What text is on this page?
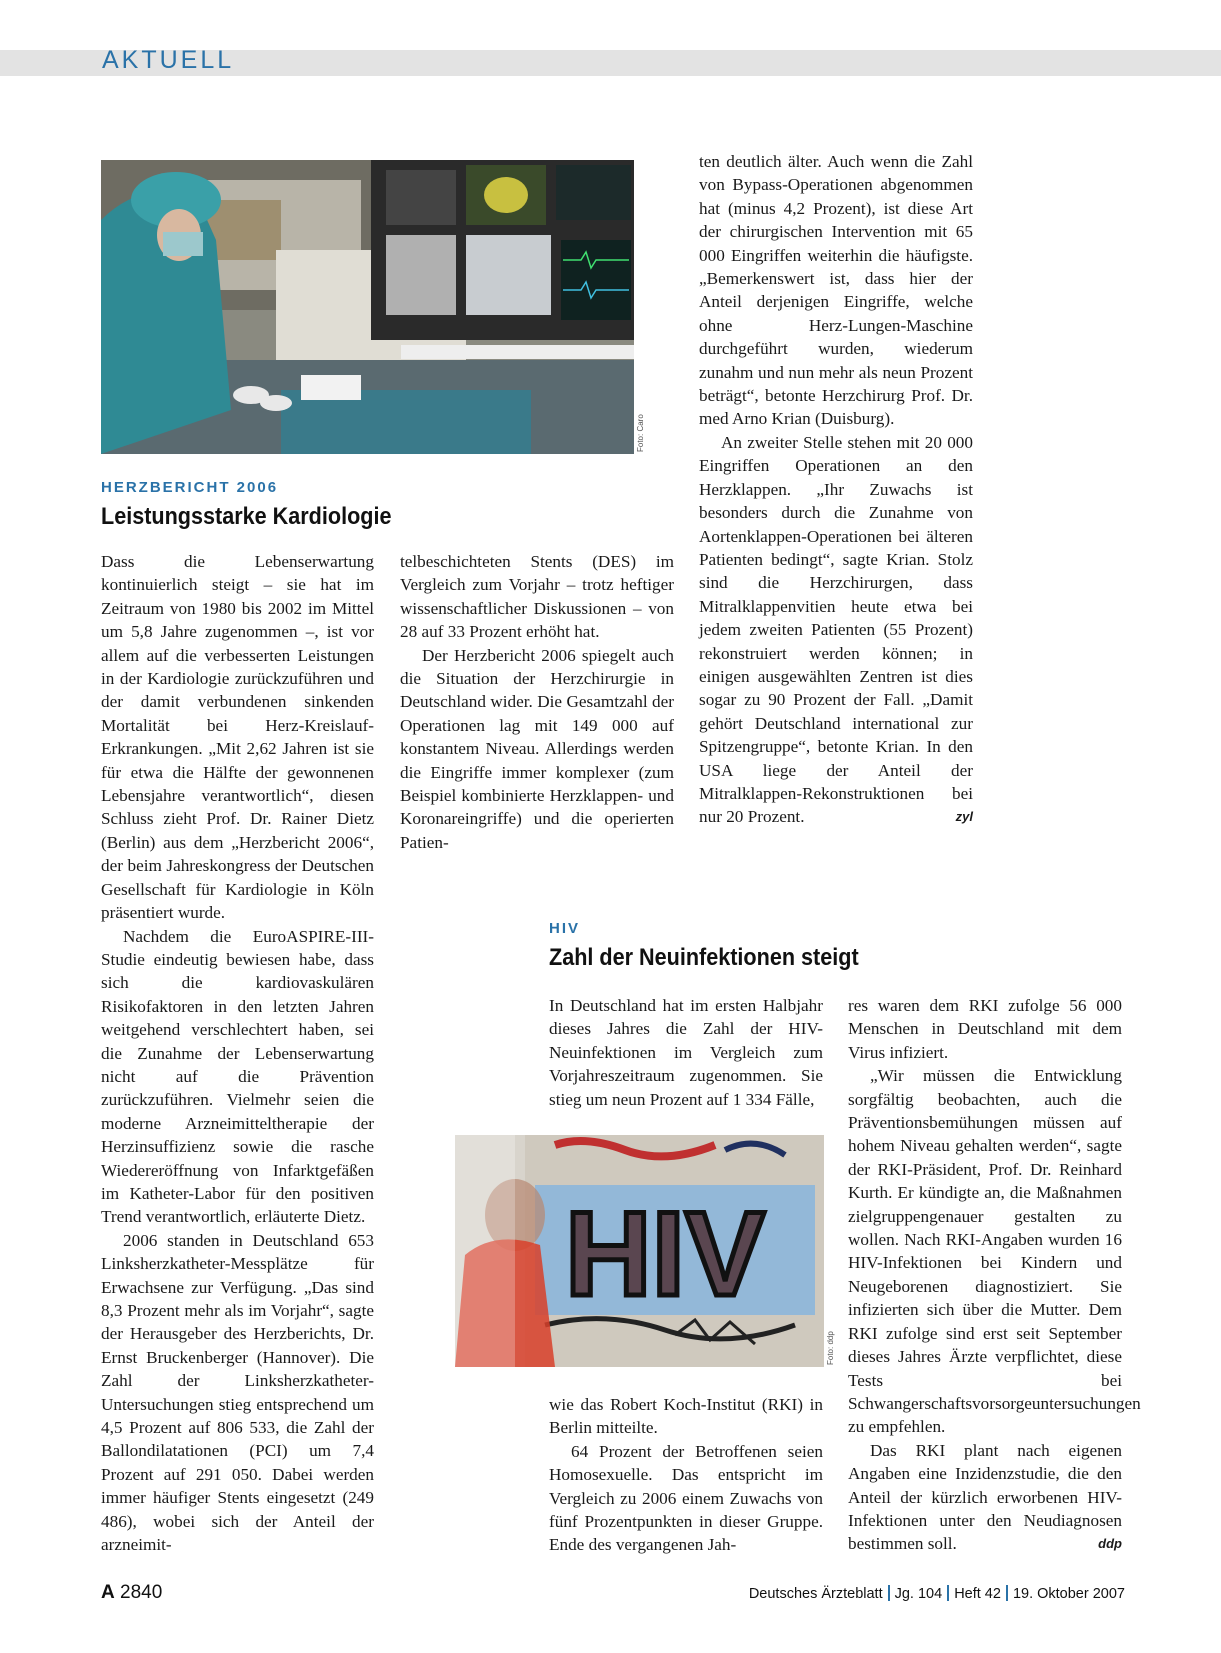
AKTUELL
Foto: Caro
HERZBERICHT 2006
Leistungsstarke Kardiologie

Dass die Lebenserwartung kontinuierlich steigt – sie hat im Zeitraum von 1980 bis 2002 im Mittel um 5,8 Jahre zugenommen –, ist vor allem auf die verbesserten Leistungen in der Kardiologie zurückzuführen und der damit verbundenen sinkenden Mortalität bei Herz-Kreislauf-Erkrankungen. „Mit 2,62 Jahren ist sie für etwa die Hälfte der gewonnenen Lebensjahre verantwortlich“, diesen Schluss zieht Prof. Dr. Rainer Dietz (Berlin) aus dem „Herzbericht 2006“, der beim Jahreskongress der Deutschen Gesellschaft für Kardiologie in Köln präsentiert wurde.

Nachdem die EuroASPIRE-III-Studie eindeutig bewiesen habe, dass sich die kardiovaskulären Risikofaktoren in den letzten Jahren weitgehend verschlechtert haben, sei die Zunahme der Lebenserwartung nicht auf die Prävention zurückzuführen. Vielmehr seien die moderne Arzneimitteltherapie der Herzinsuffizienz sowie die rasche Wiedereröffnung von Infarktgefäßen im Katheter-Labor für den positiven Trend verantwortlich, erläuterte Dietz.

2006 standen in Deutschland 653 Linksherzkatheter-Messplätze für Erwachsene zur Verfügung. „Das sind 8,3 Prozent mehr als im Vorjahr“, sagte der Herausgeber des Herzberichts, Dr. Ernst Bruckenberger (Hannover). Die Zahl der Linksherzkatheter-Untersuchungen stieg entsprechend um 4,5 Prozent auf 806 533, die Zahl der Ballondilatationen (PCI) um 7,4 Prozent auf 291 050. Dabei werden immer häufiger Stents eingesetzt (249 486), wobei sich der Anteil der arzneimit-

telbeschichteten Stents (DES) im Vergleich zum Vorjahr – trotz heftiger wissenschaftlicher Diskussionen – von 28 auf 33 Prozent erhöht hat.

Der Herzbericht 2006 spiegelt auch die Situation der Herzchirurgie in Deutschland wider. Die Gesamtzahl der Operationen lag mit 149 000 auf konstantem Niveau. Allerdings werden die Eingriffe immer komplexer (zum Beispiel kombinierte Herzklappen- und Koronareingriffe) und die operierten Patien-

ten deutlich älter. Auch wenn die Zahl von Bypass-Operationen abgenommen hat (minus 4,2 Prozent), ist diese Art der chirurgischen Intervention mit 65 000 Eingriffen weiterhin die häufigste. „Bemerkenswert ist, dass hier der Anteil derjenigen Eingriffe, welche ohne Herz-Lungen-Maschine durchgeführt wurden, wiederum zunahm und nun mehr als neun Prozent beträgt“, betonte Herzchirurg Prof. Dr. med Arno Krian (Duisburg).

An zweiter Stelle stehen mit 20 000 Eingriffen Operationen an den Herzklappen. „Ihr Zuwachs ist besonders durch die Zunahme von Aortenklappen-Operationen bei älteren Patienten bedingt“, sagte Krian. Stolz sind die Herzchirurgen, dass Mitralklappenvitien heute etwa bei jedem zweiten Patienten (55 Prozent) rekonstruiert werden können; in einigen ausgewählten Zentren ist dies sogar zu 90 Prozent der Fall. „Damit gehört Deutschland international zur Spitzengruppe“, betonte Krian. In den USA liege der Anteil der Mitralklappen-Rekonstruktionen bei nur 20 Prozent.	zyl

HIV
Zahl der Neuinfektionen steigt

In Deutschland hat im ersten Halbjahr dieses Jahres die Zahl der HIV-Neuinfektionen im Vergleich zum Vorjahreszeitraum zugenommen. Sie stieg um neun Prozent auf 1 334 Fälle,

HIV
Foto: ddp

wie das Robert Koch-Institut (RKI) in Berlin mitteilte.

64 Prozent der Betroffenen seien Homosexuelle. Das entspricht im Vergleich zu 2006 einem Zuwachs von fünf Prozentpunkten in dieser Gruppe. Ende des vergangenen Jah-

res waren dem RKI zufolge 56 000 Menschen in Deutschland mit dem Virus infiziert.

„Wir müssen die Entwicklung sorgfältig beobachten, auch die Präventionsbemühungen müssen auf hohem Niveau gehalten werden“, sagte der RKI-Präsident, Prof. Dr. Reinhard Kurth. Er kündigte an, die Maßnahmen zielgruppengenauer gestalten zu wollen. Nach RKI-Angaben wurden 16 HIV-Infektionen bei Kindern und Neugeborenen diagnostiziert. Sie infizierten sich über die Mutter. Dem RKI zufolge sind erst seit September dieses Jahres Ärzte verpflichtet, diese Tests bei Schwangerschaftsvorsorgeuntersuchungen zu empfehlen.

Das RKI plant nach eigenen Angaben eine Inzidenzstudie, die den Anteil der kürzlich erworbenen HIV-Infektionen unter den Neudiagnosen bestimmen soll.	ddp

A 2840	Deutsches Ärzteblatt Jg. 104 Heft 42 19. Oktober 2007
